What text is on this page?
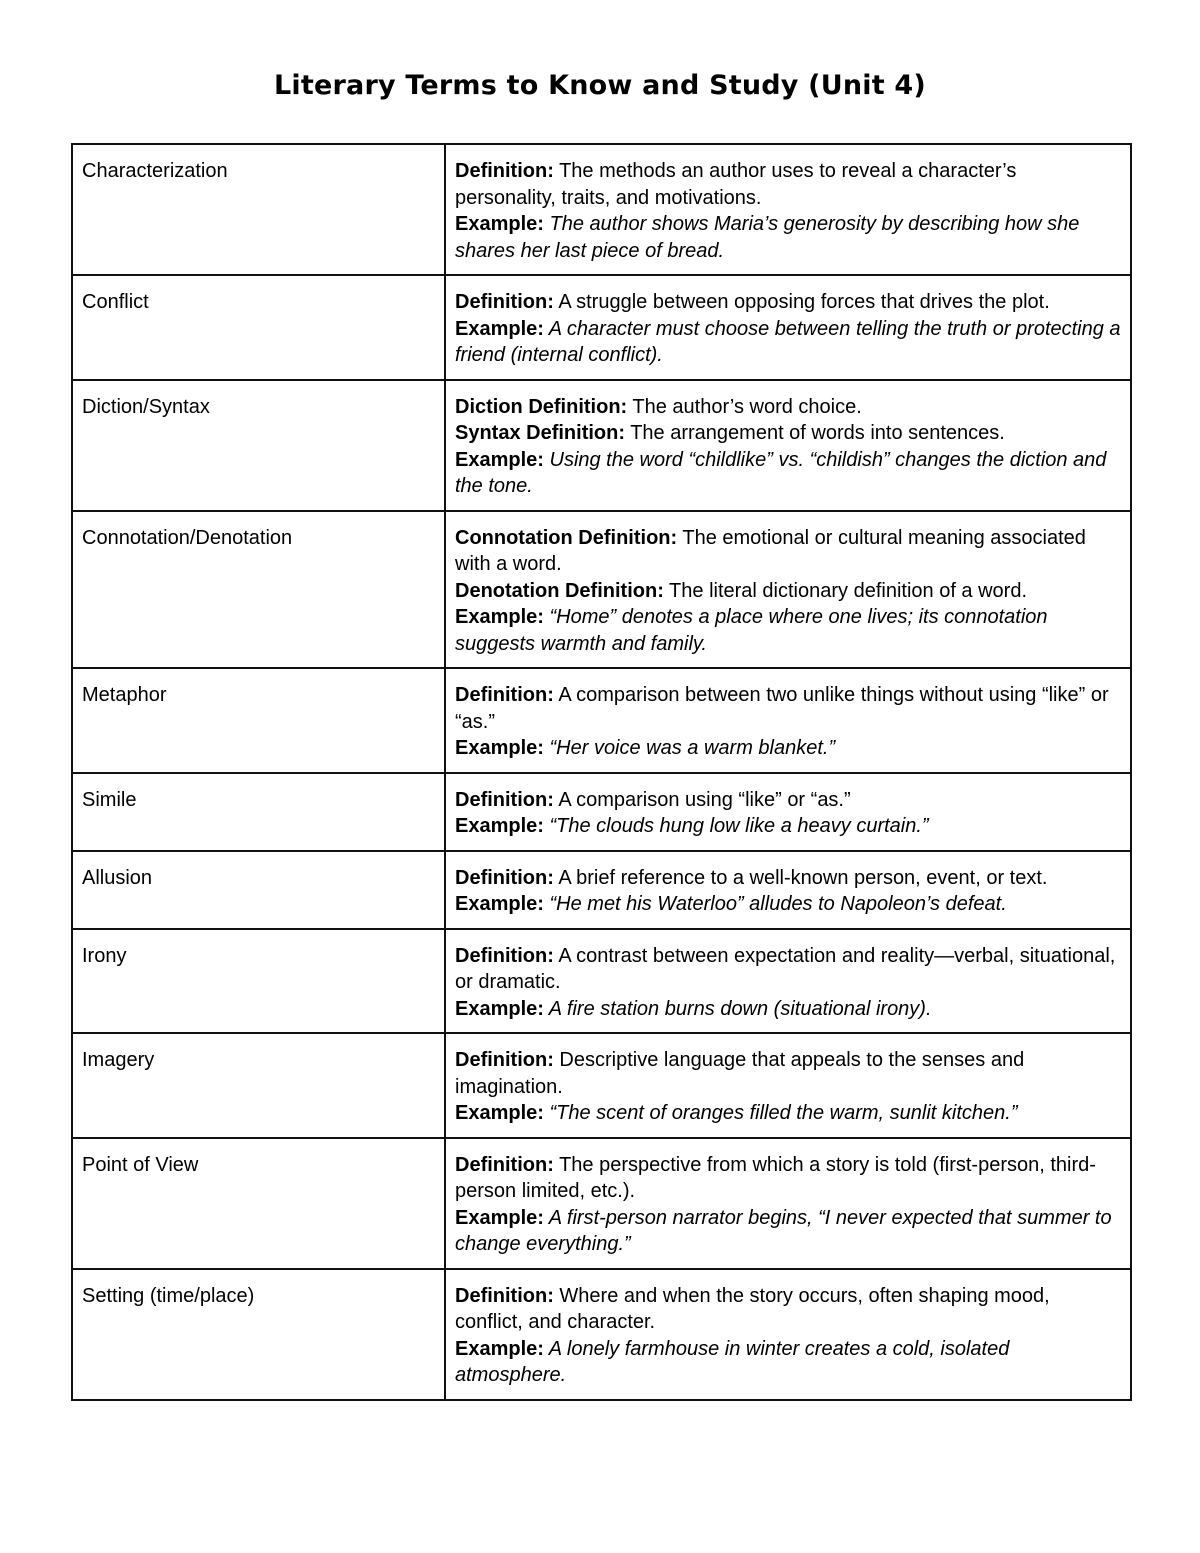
Literary Terms to Know and Study (Unit 4)
Characterization	Definition: The methods an author uses to reveal a character’s personality, traits, and motivations.
Example: The author shows Maria’s generosity by describing how she shares her last piece of bread.

Conflict	Definition: A struggle between opposing forces that drives the plot.
Example: A character must choose between telling the truth or protecting a friend (internal conflict).

Diction/Syntax	Diction Definition: The author’s word choice.
Syntax Definition: The arrangement of words into sentences.
Example: Using the word “childlike” vs. “childish” changes the diction and the tone.

Connotation/Denotation	Connotation Definition: The emotional or cultural meaning associated with a word.
Denotation Definition: The literal dictionary definition of a word.
Example: “Home” denotes a place where one lives; its connotation suggests warmth and family.

Metaphor	Definition: A comparison between two unlike things without using “like” or “as.”
Example: “Her voice was a warm blanket.”

Simile	Definition: A comparison using “like” or “as.”
Example: “The clouds hung low like a heavy curtain.”

Allusion	Definition: A brief reference to a well-known person, event, or text.
Example: “He met his Waterloo” alludes to Napoleon’s defeat.

Irony	Definition: A contrast between expectation and reality—verbal, situational, or dramatic.
Example: A fire station burns down (situational irony).

Imagery	Definition: Descriptive language that appeals to the senses and imagination.
Example: “The scent of oranges filled the warm, sunlit kitchen.”

Point of View	Definition: The perspective from which a story is told (first-person, third-person limited, etc.).
Example: A first-person narrator begins, “I never expected that summer to change everything.”

Setting (time/place)	Definition: Where and when the story occurs, often shaping mood, conflict, and character.
Example: A lonely farmhouse in winter creates a cold, isolated atmosphere.
